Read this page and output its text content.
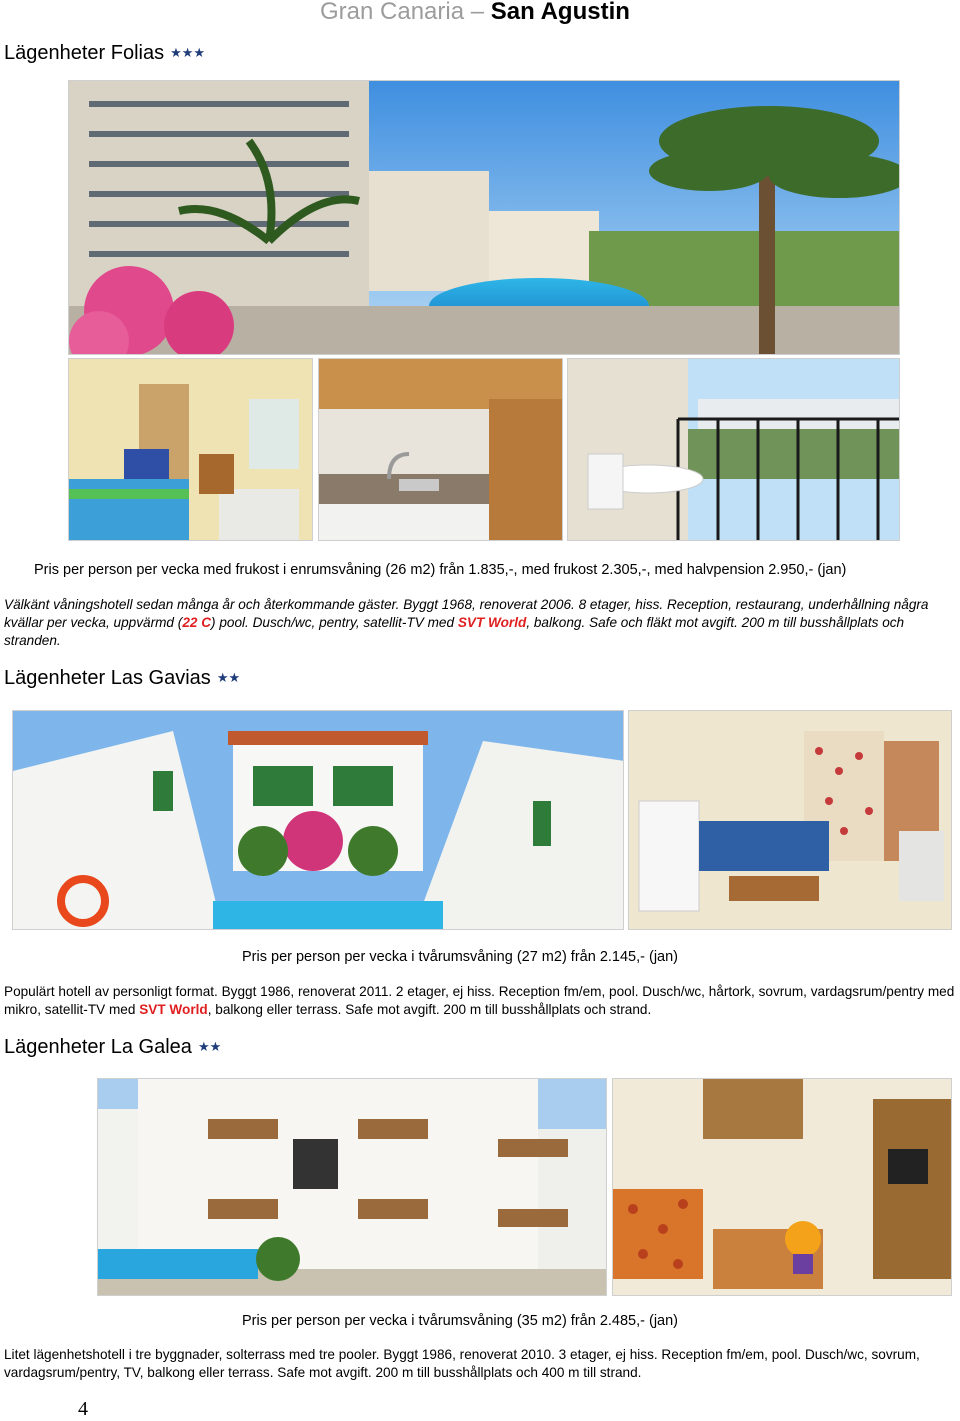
Gran Canaria – San Agustin
Lägenheter Folias ★★★
Pris per person per vecka med frukost i enrumsvåning (26 m2) från 1.835,-, med frukost 2.305,-, med halvpension 2.950,- (jan)
Välkänt våningshotell sedan många år och återkommande gäster. Byggt 1968, renoverat 2006. 8 etager, hiss. Reception, restaurang, underhållning några kvällar per vecka, uppvärmd (22 C) pool. Dusch/wc, pentry, satellit-TV med SVT World, balkong. Safe och fläkt mot avgift. 200 m till busshållplats och stranden.
Lägenheter Las Gavias ★★
Pris per person per vecka i tvårumsvåning (27 m2) från 2.145,- (jan)
Populärt hotell av personligt format. Byggt 1986, renoverat 2011. 2 etager, ej hiss. Reception fm/em, pool. Dusch/wc, hårtork, sovrum, vardagsrum/pentry med mikro, satellit-TV med SVT World, balkong eller terrass. Safe mot avgift. 200 m till busshållplats och strand.
Lägenheter La Galea ★★
Pris per person per vecka i tvårumsvåning (35 m2) från 2.485,- (jan)
Litet lägenhetshotell i tre byggnader, solterrass med tre pooler. Byggt 1986, renoverat 2010. 3 etager, ej hiss. Reception fm/em, pool. Dusch/wc, sovrum, vardagsrum/pentry, TV, balkong eller terrass. Safe mot avgift. 200 m till busshållplats och 400 m till strand.
4
